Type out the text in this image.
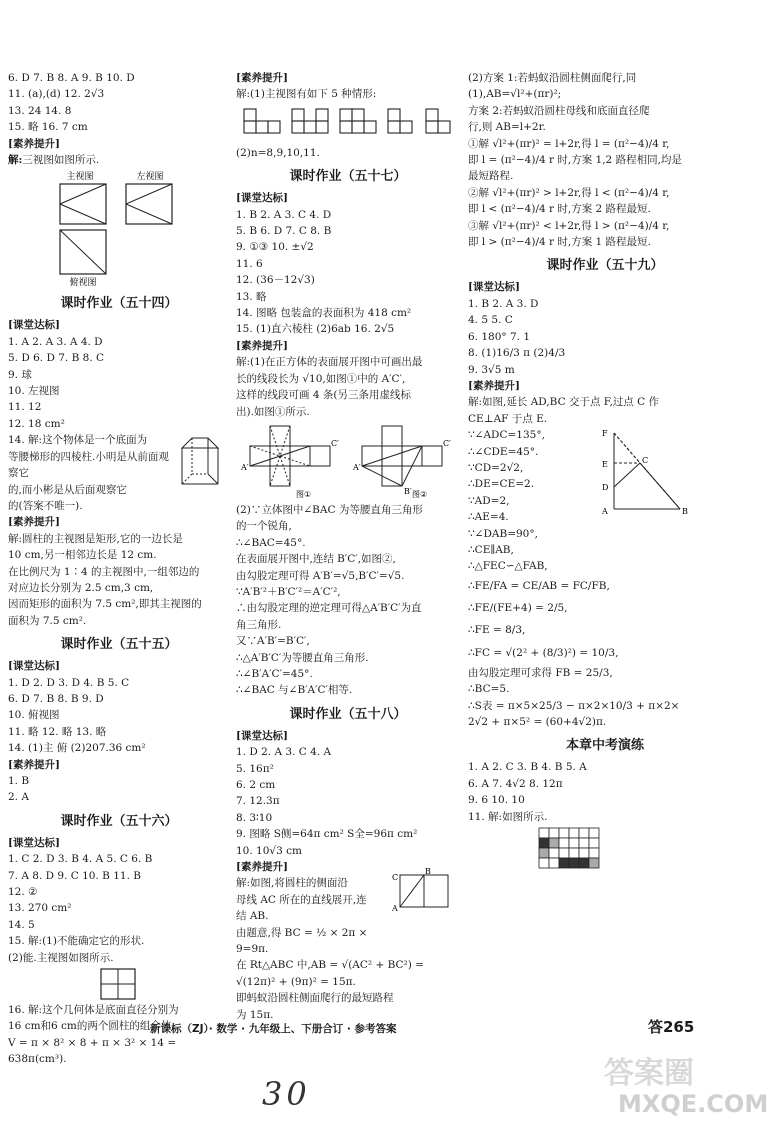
6. D 7. B 8. A 9. B 10. D
11. (a),(d) 12. 2√3
13. 24 14. 8
15. 略 16. 7 cm
[素养提升]
解:三视图如图所示.
主视图	左视图
俯视图
课时作业（五十四）
[课堂达标]
1. A 2. A 3. A 4. D
5. D 6. D 7. B 8. C
9. 球
10. 左视图
11. 12
12. 18 cm²
14. 解:这个物体是一个底面为
等腰梯形的四棱柱.小明是从前面观察它
的,而小彬是从后面观察它
的(答案不唯一).
[素养提升]
解:圆柱的主视图是矩形,它的一边长是
10 cm,另一相邻边长是 12 cm.
在比例尺为 1∶4 的主视图中,一组邻边的
对应边长分别为 2.5 cm,3 cm,
因而矩形的面积为 7.5 cm²,即其主视图的
面积为 7.5 cm².
课时作业（五十五）
[课堂达标]
1. D 2. D 3. D 4. B 5. C
6. D 7. B 8. B 9. D
10. 俯视图
11. 略 12. 略 13. 略
14. (1)主 俯 (2)207.36 cm²
[素养提升]
1. B
2. A
课时作业（五十六）
[课堂达标]
1. C 2. D 3. B 4. A 5. C 6. B
7. A 8. D 9. C 10. B 11. B
12. ②
13. 270 cm²
14. 5
15. 解:(1)不能确定它的形状.
(2)能.主视图如图所示.
16. 解:这个几何体是底面直径分别为
16 cm和6 cm的两个圆柱的组合体,
V = π × 8² × 8 + π × 3² × 14 =
638π(cm³).
[素养提升]
解:(1)主视图有如下 5 种情形:
(2)n=8,9,10,11.
课时作业（五十七）
[课堂达标]
1. B 2. A 3. C 4. D
5. B 6. D 7. C 8. B
9. ①③ 10. ±√2
11. 6
12. (36－12√3)
13. 略
14. 图略 包装盒的表面积为 418 cm²
15. (1)直六棱柱 (2)6ab 16. 2√5
[素养提升]
解:(1)在正方体的表面展开图中可画出最
长的线段长为 √10,如图①中的 A′C′,
这样的线段可画 4 条(另三条用虚线标
出).如图①所示.
A′
C′
A′
C′
B′
图①	图②
(2)∵立体图中∠BAC 为等腰直角三角形
的一个锐角,
∴∠BAC=45°.
在表面展开图中,连结 B′C′,如图②,
由勾股定理可得 A′B′=√5,B′C′=√5.
∵A′B′²＋B′C′²＝A′C′²,
∴由勾股定理的逆定理可得△A′B′C′为直
角三角形.
又∵A′B′=B′C′,
∴△A′B′C′为等腰直角三角形.
∴∠B′A′C′=45°.
∴∠BAC 与∠B′A′C′相等.
课时作业（五十八）
[课堂达标]
1. D 2. A 3. C 4. A
5. 16π²
6. 2 cm
7. 12.3π
8. 3∶10
9. 图略 S侧=64π cm² S全=96π cm²
10. 10√3 cm
[素养提升]
解:如图,将圆柱的侧面沿
母线 AC 所在的直线展开,连
结 AB.
C
B
A
由题意,得 BC = ½ × 2π ×
9=9π.
在 Rt△ABC 中,AB = √(AC² + BC²) =
√(12π)² + (9π)² = 15π.
即蚂蚁沿圆柱侧面爬行的最短路程
为 15π.
(2)方案 1:若蚂蚁沿圆柱侧面爬行,同
(1),AB=√l²+(πr)²;
方案 2:若蚂蚁沿圆柱母线和底面直径爬
行,则 AB=l+2r.
①解 √l²+(πr)² = l+2r,得 l = (π²−4)/4 r,
即 l = (π²−4)/4 r 时,方案 1,2 路程相同,均是
最短路程.
②解 √l²+(πr)² > l+2r,得 l < (π²−4)/4 r,
即 l < (π²−4)/4 r 时,方案 2 路程最短.
③解 √l²+(πr)² < l+2r,得 l > (π²−4)/4 r,
即 l > (π²−4)/4 r 时,方案 1 路程最短.
课时作业（五十九）
[课堂达标]
1. B 2. A 3. D
4. 5 5. C
6. 180° 7. 1
8. (1)16/3 π (2)4/3
9. 3√5 m
[素养提升]
解:如图,延长 AD,BC 交于点 F,过点 C 作
CE⊥AF 于点 E.
∵∠ADC=135°,
∴∠CDE=45°.
∵CD=2√2,
∴DE=CE=2.
∵AD=2,
∴AE=4.
F
E	C
D
A	B
∵∠DAB=90°,
∴CE∥AB,
∴△FEC∽△FAB,
∴FE/FA = CE/AB = FC/FB,
∴FE/(FE+4) = 2/5,
∴FE = 8/3,
∴FC = √(2² + (8/3)²) = 10/3,
由勾股定理可求得 FB = 25/3,
∴BC=5.
∴S表 = π×5×25/3 − π×2×10/3 + π×2×
2√2 + π×5² = (60+4√2)π.
本章中考演练
1. A 2. C 3. B 4. B 5. A
6. A 7. 4√2 8. 12π
9. 6 10. 10
11. 解:如图所示.
新课标（ZJ）· 数学 · 九年级上、下册合订 · 参考答案	答265
30
答案圈
MXQE.COM
